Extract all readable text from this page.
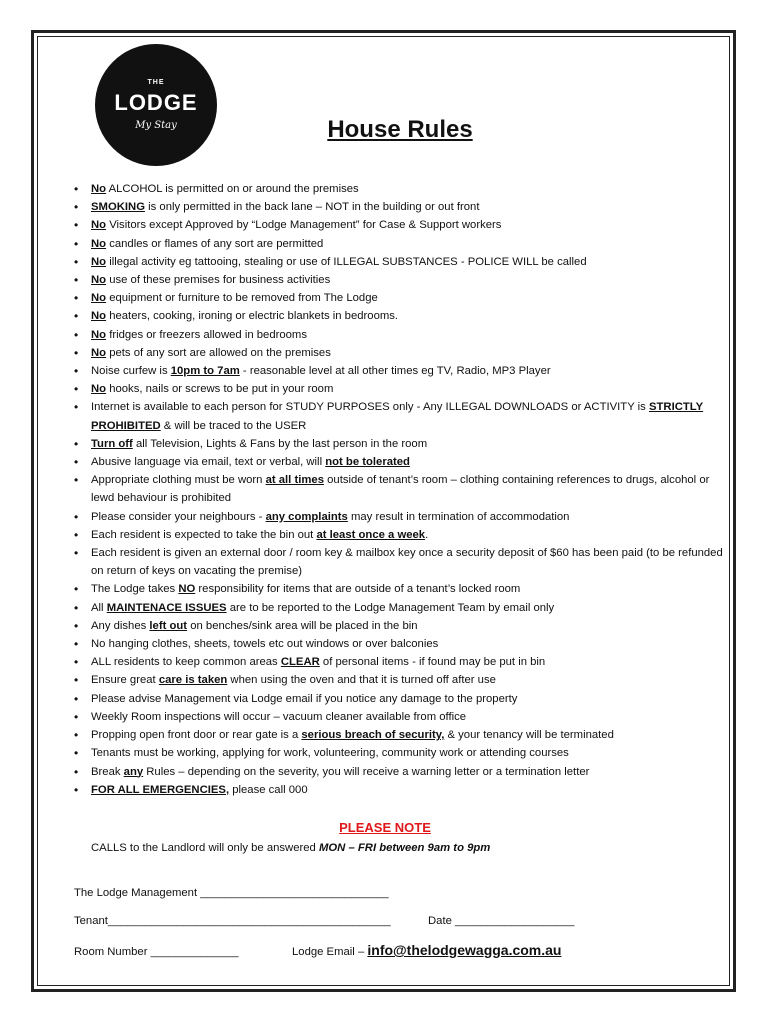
THE
LODGE
My Stay	House Rules
• No ALCOHOL is permitted on or around the premises
• SMOKING is only permitted in the back lane – NOT in the building or out front
• No Visitors except Approved by “Lodge Management” for Case & Support workers
• No candles or flames of any sort are permitted
• No illegal activity eg tattooing, stealing or use of ILLEGAL SUBSTANCES - POLICE WILL be called
• No use of these premises for business activities
• No equipment or furniture to be removed from The Lodge
• No heaters, cooking, ironing or electric blankets in bedrooms.
• No fridges or freezers allowed in bedrooms
• No pets of any sort are allowed on the premises
• Noise curfew is 10pm to 7am - reasonable level at all other times eg TV, Radio, MP3 Player
• No hooks, nails or screws to be put in your room
• Internet is available to each person for STUDY PURPOSES only - Any ILLEGAL DOWNLOADS or ACTIVITY is STRICTLY PROHIBITED & will be traced to the USER
• Turn off all Television, Lights & Fans by the last person in the room
• Abusive language via email, text or verbal, will not be tolerated
• Appropriate clothing must be worn at all times outside of tenant’s room – clothing containing references to drugs, alcohol or lewd behaviour is prohibited
• Please consider your neighbours - any complaints may result in termination of accommodation
• Each resident is expected to take the bin out at least once a week.
• Each resident is given an external door / room key & mailbox key once a security deposit of $60 has been paid (to be refunded on return of keys on vacating the premise)
• The Lodge takes NO responsibility for items that are outside of a tenant’s locked room
• All MAINTENACE ISSUES are to be reported to the Lodge Management Team by email only
• Any dishes left out on benches/sink area will be placed in the bin
• No hanging clothes, sheets, towels etc out windows or over balconies
• ALL residents to keep common areas CLEAR of personal items - if found may be put in bin
• Ensure great care is taken when using the oven and that it is turned off after use
• Please advise Management via Lodge email if you notice any damage to the property
• Weekly Room inspections will occur – vacuum cleaner available from office
• Propping open front door or rear gate is a serious breach of security, & your tenancy will be terminated
• Tenants must be working, applying for work, volunteering, community work or attending courses
• Break any Rules – depending on the severity, you will receive a warning letter or a termination letter
• FOR ALL EMERGENCIES, please call 000
PLEASE NOTE
CALLS to the Landlord will only be answered MON – FRI between 9am to 9pm
The Lodge Management ______________________________
Tenant_____________________________________________	Date ___________________
Room Number ______________	Lodge Email – info@thelodgewagga.com.au
